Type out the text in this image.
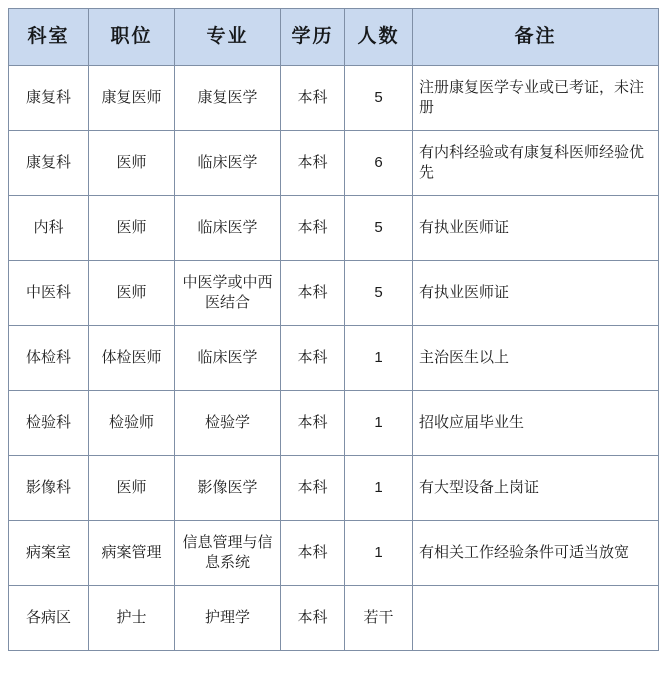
科室	职位	专业	学历	人数	备注
康复科	康复医师	康复医学	本科	5	注册康复医学专业或已考证，未注册
康复科	医师	临床医学	本科	6	有内科经验或有康复科医师经验优先
内科	医师	临床医学	本科	5	有执业医师证
中医科	医师	中医学或中西医结合	本科	5	有执业医师证
体检科	体检医师	临床医学	本科	1	主治医生以上
检验科	检验师	检验学	本科	1	招收应届毕业生
影像科	医师	影像医学	本科	1	有大型设备上岗证
病案室	病案管理	信息管理与信息系统	本科	1	有相关工作经验条件可适当放宽
各病区	护士	护理学	本科	若干	
